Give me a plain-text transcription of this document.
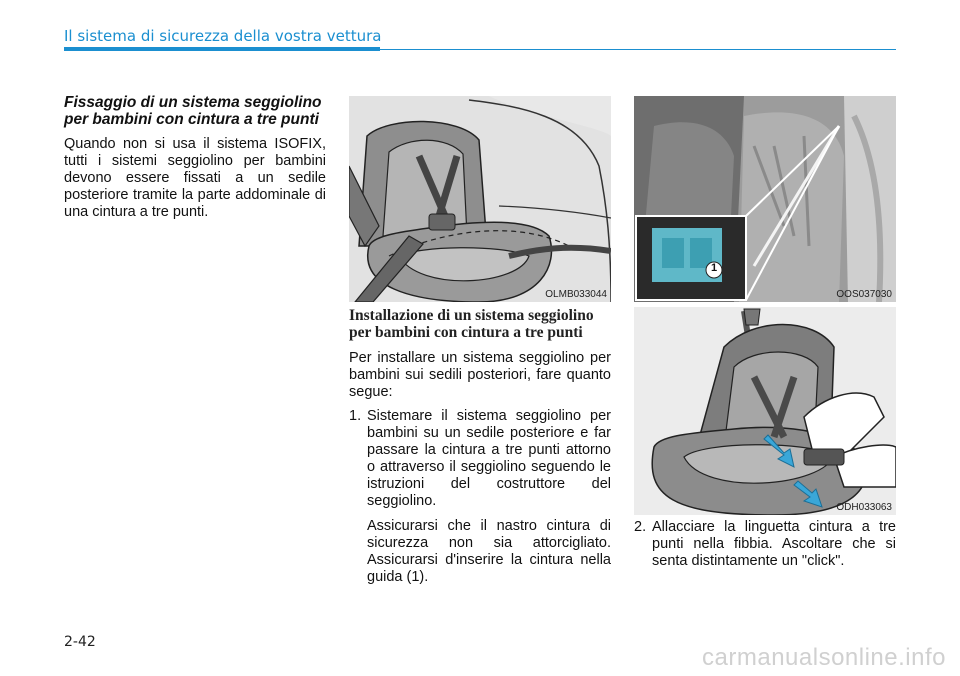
Il sistema di sicurezza della vostra vettura

Fissaggio di un sistema seggiolino per bambini con cintura a tre punti

Quando non si usa il sistema ISOFIX, tutti i sistemi seggiolino per bambini devono essere fissati a un sedile posteriore tramite la parte addominale di una cintura a tre punti.

OLMB033044
1
OOS037030
ODH033063

Installazione di un sistema seggiolino per bambini con cintura a tre punti

Per installare un sistema seggiolino per bambini sui sedili posteriori, fare quanto segue:

1. Sistemare il sistema seggiolino per bambini su un sedile posteriore e far passare la cintura a tre punti attorno o attraverso il seggiolino seguendo le istruzioni del costruttore del seggiolino.

Assicurarsi che il nastro cintura di sicurezza non sia attorcigliato. Assicurarsi d'inserire la cintura nella guida (1).

2. Allacciare la linguetta cintura a tre punti nella fibbia. Ascoltare che si senta distintamente un "click".
2-42
carmanualsonline.info
